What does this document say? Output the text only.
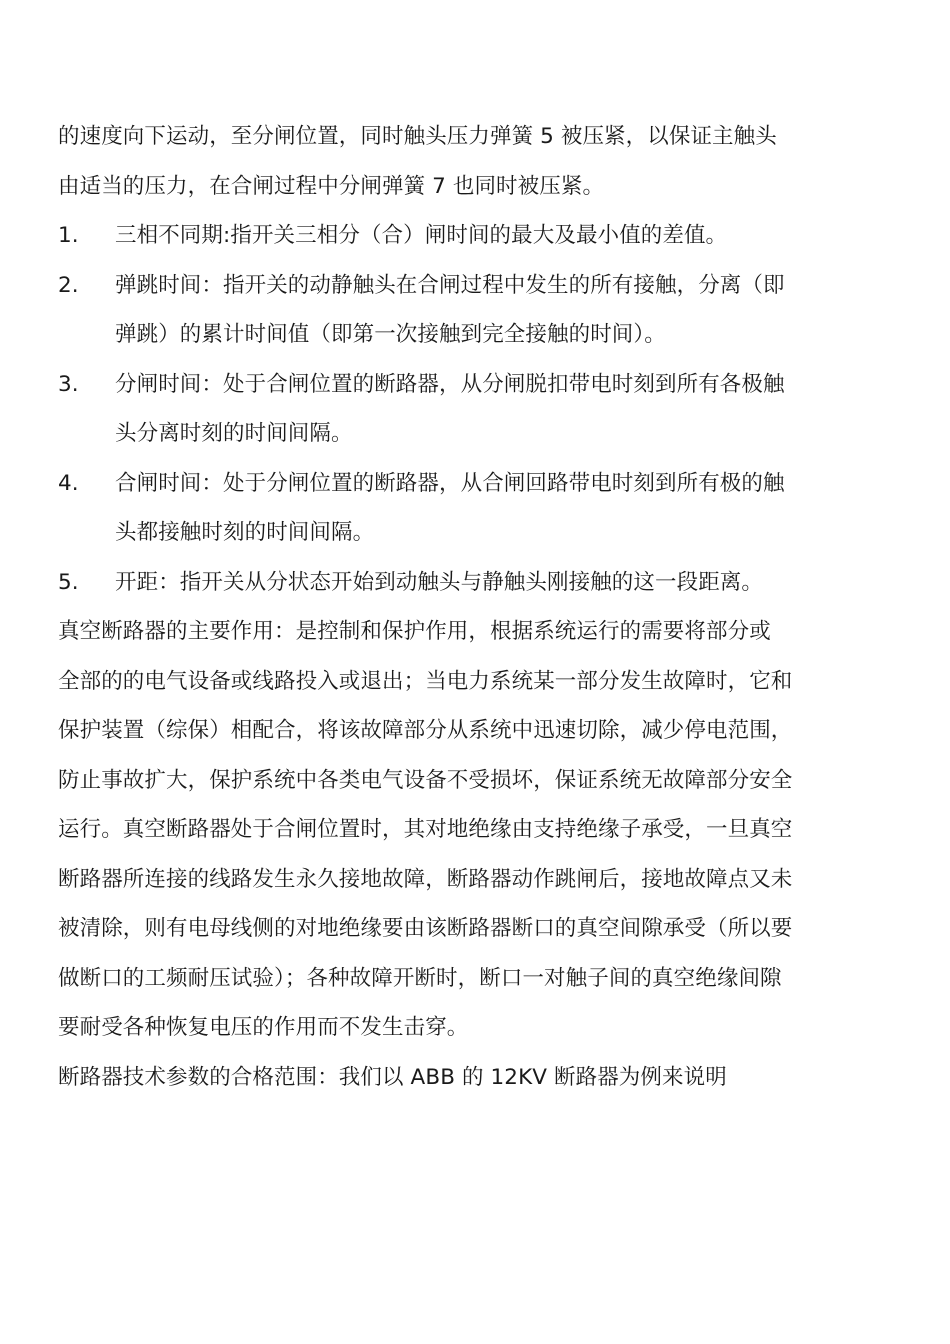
的速度向下运动，至分闸位置，同时触头压力弹簧 5 被压紧，以保证主触头
由适当的压力，在合闸过程中分闸弹簧 7 也同时被压紧。
1. 三相不同期:指开关三相分（合）闸时间的最大及最小值的差值。
2. 弹跳时间：指开关的动静触头在合闸过程中发生的所有接触，分离（即
弹跳）的累计时间值（即第一次接触到完全接触的时间）。
3. 分闸时间：处于合闸位置的断路器，从分闸脱扣带电时刻到所有各极触
头分离时刻的时间间隔。
4. 合闸时间：处于分闸位置的断路器，从合闸回路带电时刻到所有极的触
头都接触时刻的时间间隔。
5. 开距：指开关从分状态开始到动触头与静触头刚接触的这一段距离。
真空断路器的主要作用：是控制和保护作用，根据系统运行的需要将部分或
全部的的电气设备或线路投入或退出；当电力系统某一部分发生故障时，它和
保护装置（综保）相配合，将该故障部分从系统中迅速切除，减少停电范围，
防止事故扩大，保护系统中各类电气设备不受损坏，保证系统无故障部分安全
运行。真空断路器处于合闸位置时，其对地绝缘由支持绝缘子承受，一旦真空
断路器所连接的线路发生永久接地故障，断路器动作跳闸后，接地故障点又未
被清除，则有电母线侧的对地绝缘要由该断路器断口的真空间隙承受（所以要
做断口的工频耐压试验）；各种故障开断时，断口一对触子间的真空绝缘间隙
要耐受各种恢复电压的作用而不发生击穿。
断路器技术参数的合格范围：我们以 ABB 的 12KV 断路器为例来说明
